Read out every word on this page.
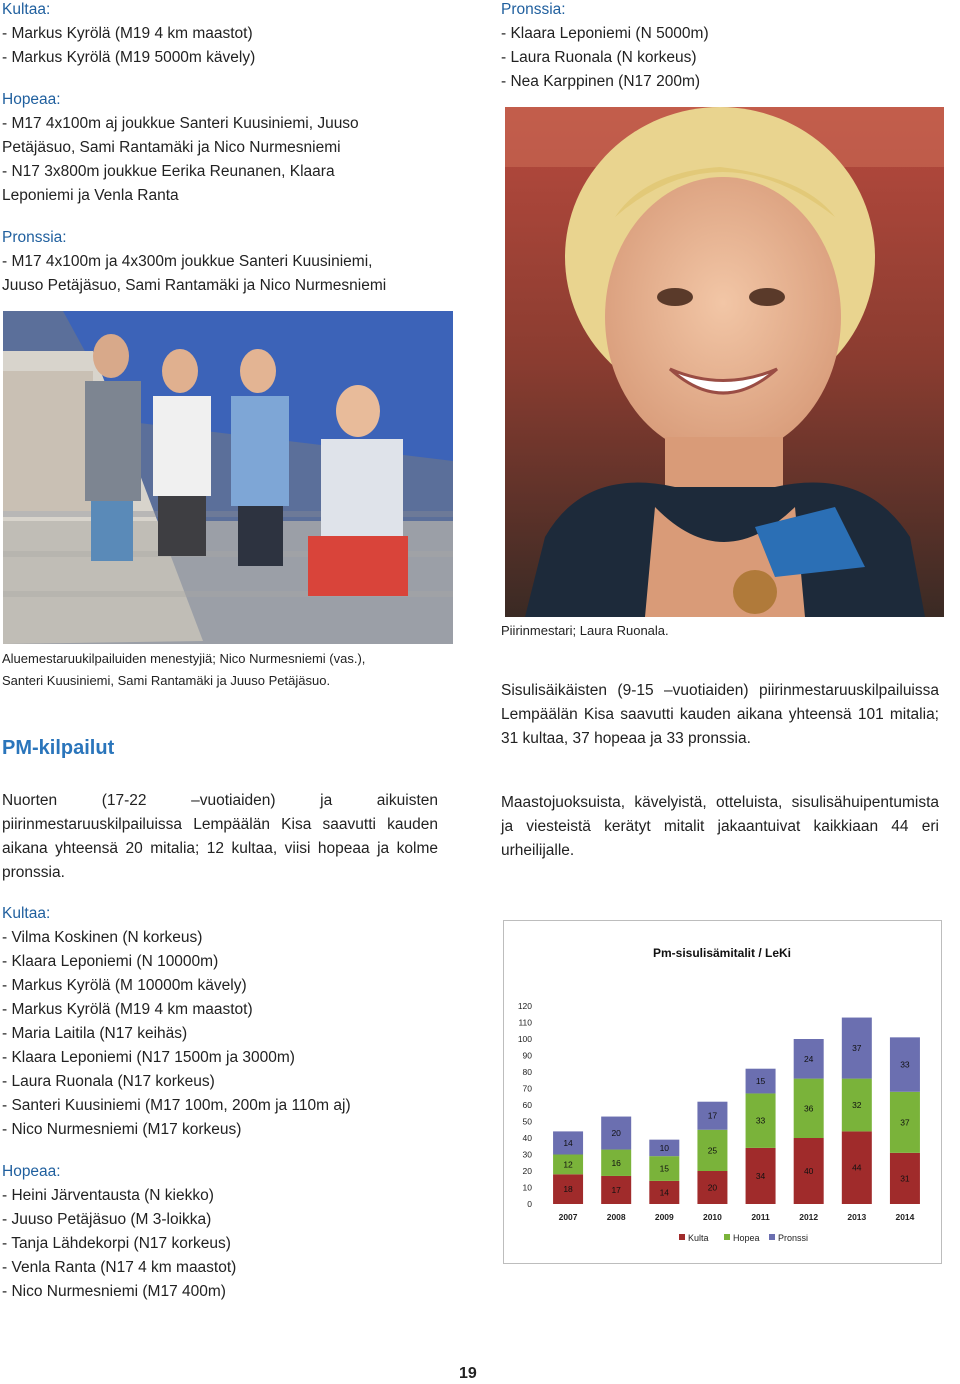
Kultaa:
- Markus Kyrölä (M19 4 km maastot)
- Markus Kyrölä (M19 5000m kävely)
Hopeaa:
- M17 4x100m aj joukkue Santeri Kuusiniemi, Juuso
Petäjäsuo, Sami Rantamäki ja Nico Nurmesniemi
- N17 3x800m joukkue Eerika Reunanen, Klaara
Leponiemi ja Venla Ranta
Pronssia:
- M17 4x100m ja 4x300m joukkue Santeri Kuusiniemi,
Juuso Petäjäsuo, Sami Rantamäki ja Nico Nurmesniemi
Pronssia:
- Klaara Leponiemi (N 5000m)
- Laura Ruonala (N korkeus)
- Nea Karppinen (N17 200m)
Piirinmestari; Laura Ruonala.
Aluemestaruukilpailuiden menestyjiä; Nico Nurmesniemi (vas.),
Santeri Kuusiniemi, Sami Rantamäki ja Juuso Petäjäsuo.
PM-kilpailut
Nuorten (17-22 –vuotiaiden) ja aikuisten piirinmestaruuskilpailuissa Lempäälän Kisa saavutti kauden aikana yhteensä 20 mitalia; 12 kultaa, viisi hopeaa ja kolme pronssia.
Sisulisäikäisten (9-15 –vuotiaiden) piirinmestaruuskilpailuissa Lempäälän Kisa saavutti kauden aikana yhteensä 101 mitalia; 31 kultaa, 37 hopeaa ja 33 pronssia.
Maastojuoksuista, kävelyistä, otteluista, sisulisähuipentumista ja viesteistä kerätyt mitalit jakaantuivat kaikkiaan 44 eri urheilijalle.
Kultaa:
- Vilma Koskinen (N korkeus)
- Klaara Leponiemi (N 10000m)
- Markus Kyrölä (M 10000m kävely)
- Markus Kyrölä (M19 4 km maastot)
- Maria Laitila (N17 keihäs)
- Klaara Leponiemi (N17 1500m ja 3000m)
- Laura Ruonala (N17 korkeus)
- Santeri Kuusiniemi (M17 100m, 200m ja 110m aj)
- Nico Nurmesniemi (M17 korkeus)
Hopeaa:
- Heini Järventausta (N kiekko)
- Juuso Petäjäsuo (M 3-loikka)
- Tanja Lähdekorpi (N17 korkeus)
- Venla Ranta (N17 4 km maastot)
- Nico Nurmesniemi (M17 400m)
Pm-sisulisämitalit / LeKi
0
10
20
30
40
50
60
70
80
90
100
110
120
18
12
14
2007
17
16
20
2008
14
15
10
2009
20
25
17
2010
34
33
15
2011
40
36
24
2012
44
32
37
2013
31
37
33
2014
Kulta	Hopea Pronssi
19
